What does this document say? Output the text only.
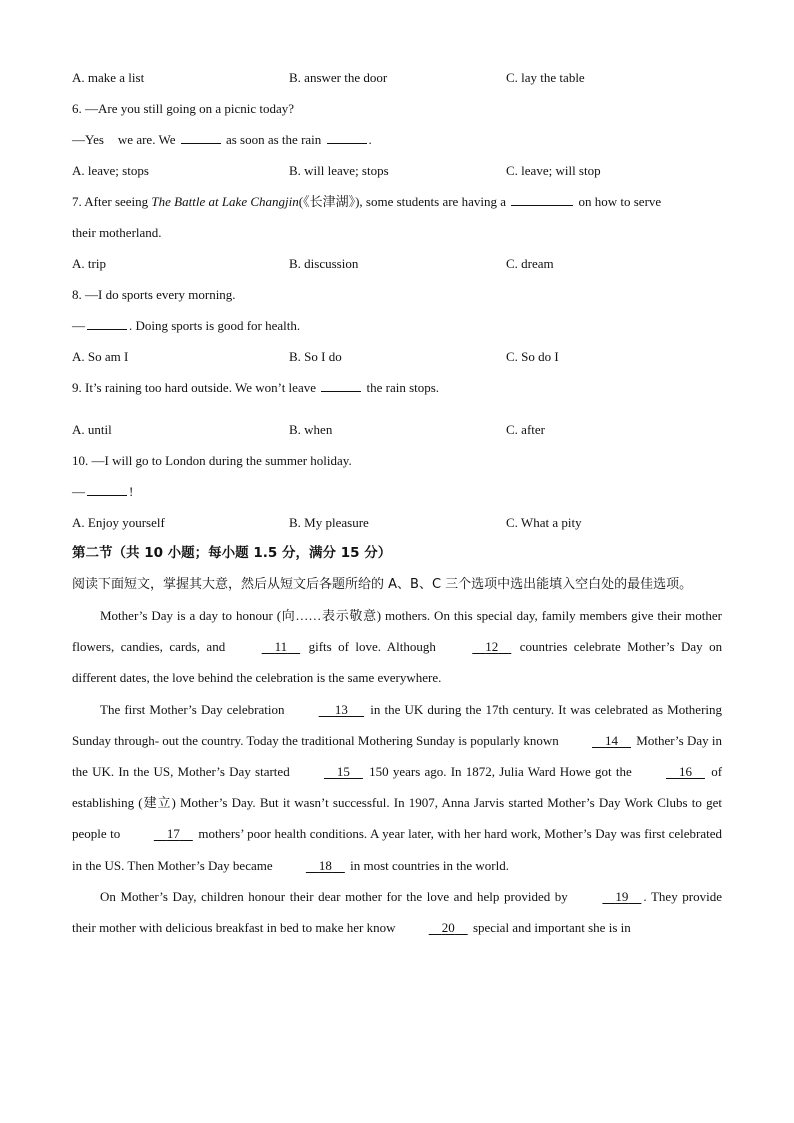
A. make a list	B. answer the door	C. lay the table
6. —Are you still going on a picnic today?
—Yes we are. We	as soon as the rain	.
A. leave; stops	B. will leave; stops	C. leave; will stop
7. After seeing The Battle at Lake Changjin(《长津湖》), some students are having a	on how to serve
their motherland.
A. trip	B. discussion	C. dream
8. —I do sports every morning.
—	. Doing sports is good for health.
A. So am I	B. So I do	C. So do I
9. It’s raining too hard outside. We won’t leave	the rain stops.
A. until	B. when	C. after
10. —I will go to London during the summer holiday.
—	!
A. Enjoy yourself	B. My pleasure	C. What a pity
第二节（共 10 小题；每小题 1.5 分，满分 15 分）
阅读下面短文，掌握其大意，然后从短文后各题所给的 A、B、C 三个选项中选出能填入空白处的最佳选项。
Mother’s Day is a day to honour (向……表示敬意) mothers. On this special day, family members give their mother flowers, candies, cards, and	11 gifts of love. Although	12 countries celebrate Mother’s Day on different dates, the love behind the celebration is the same everywhere.
The first Mother’s Day celebration	13 in the UK during the 17th century. It was celebrated as Mothering Sunday through- out the country. Today the traditional Mothering Sunday is popularly known	14 Mother’s Day in the UK. In the US, Mother’s Day started	15 150 years ago. In 1872, Julia Ward Howe got the	16 of establishing (建立) Mother’s Day. But it wasn’t successful. In 1907, Anna Jarvis started Mother’s Day Work Clubs to get people to	17 mothers’ poor health conditions. A year later, with her hard work, Mother’s Day was first celebrated in the US. Then Mother’s Day became	18 in most countries in the world.
On Mother’s Day, children honour their dear mother for the love and help provided by	19 . They provide their mother with delicious breakfast in bed to make her know	20 special and important she is in
